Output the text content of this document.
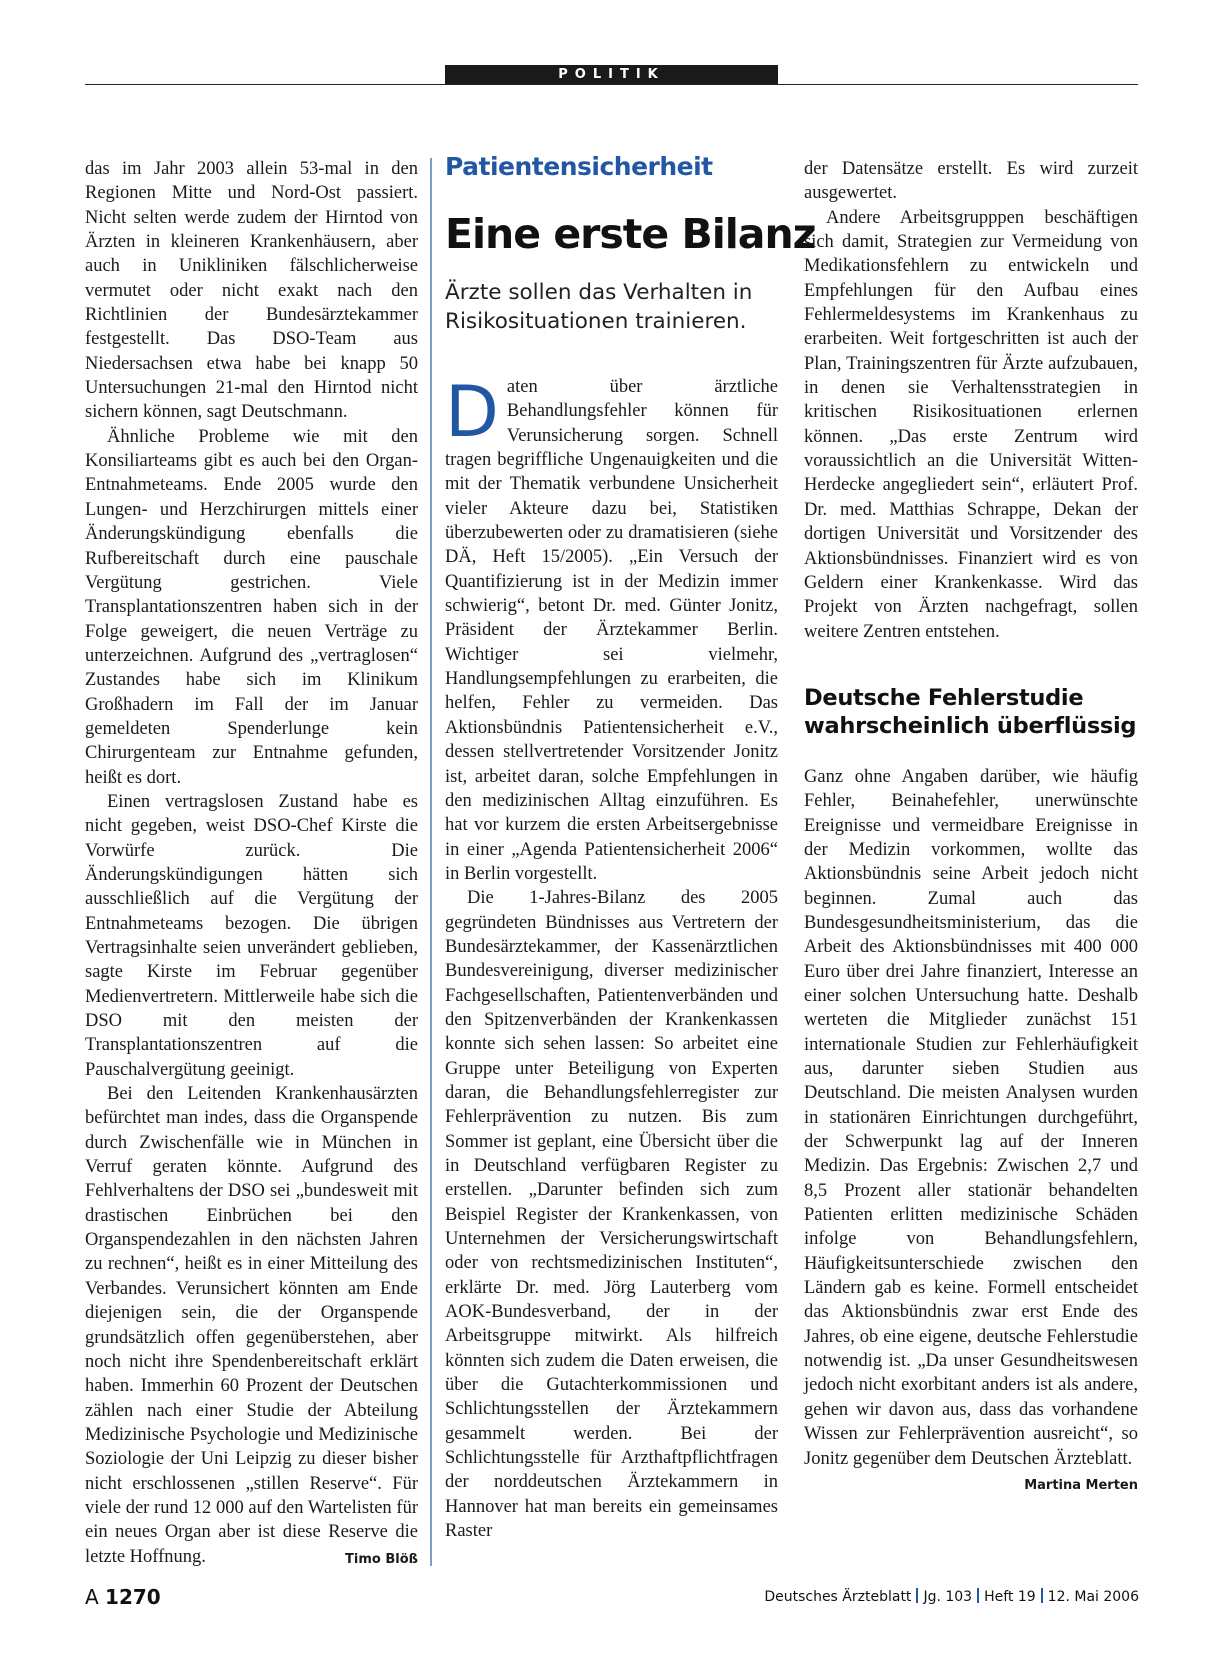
POLITIK

das im Jahr 2003 allein 53-mal in den Regionen Mitte und Nord-Ost passiert. Nicht selten werde zudem der Hirntod von Ärzten in kleineren Krankenhäusern, aber auch in Unikliniken fälschlicherweise vermutet oder nicht exakt nach den Richtlinien der Bundesärztekammer festgestellt. Das DSO-Team aus Niedersachsen etwa habe bei knapp 50 Untersuchungen 21-mal den Hirntod nicht sichern können, sagt Deutschmann.

Ähnliche Probleme wie mit den Konsiliarteams gibt es auch bei den Organ-Entnahmeteams. Ende 2005 wurde den Lungen- und Herzchirurgen mittels einer Änderungskündigung ebenfalls die Rufbereitschaft durch eine pauschale Vergütung gestrichen. Viele Transplantationszentren haben sich in der Folge geweigert, die neuen Verträge zu unterzeichnen. Aufgrund des „vertraglosen“ Zustandes habe sich im Klinikum Großhadern im Fall der im Januar gemeldeten Spenderlunge kein Chirurgenteam zur Entnahme gefunden, heißt es dort.

Einen vertragslosen Zustand habe es nicht gegeben, weist DSO-Chef Kirste die Vorwürfe zurück. Die Änderungskündigungen hätten sich ausschließlich auf die Vergütung der Entnahmeteams bezogen. Die übrigen Vertragsinhalte seien unverändert geblieben, sagte Kirste im Februar gegenüber Medienvertretern. Mittlerweile habe sich die DSO mit den meisten der Transplantationszentren auf die Pauschalvergütung geeinigt.

Bei den Leitenden Krankenhausärzten befürchtet man indes, dass die Organspende durch Zwischenfälle wie in München in Verruf geraten könnte. Aufgrund des Fehlverhaltens der DSO sei „bundesweit mit drastischen Einbrüchen bei den Organspendezahlen in den nächsten Jahren zu rechnen“, heißt es in einer Mitteilung des Verbandes. Verunsichert könnten am Ende diejenigen sein, die der Organspende grundsätzlich offen gegenüberstehen, aber noch nicht ihre Spendenbereitschaft erklärt haben. Immerhin 60 Prozent der Deutschen zählen nach einer Studie der Abteilung Medizinische Psychologie und Medizinische Soziologie der Uni Leipzig zu dieser bisher nicht erschlossenen „stillen Reserve“. Für viele der rund 12 000 auf den Wartelisten für ein neues Organ aber ist diese Reserve die letzte Hoffnung.	Timo Blöß

Patientensicherheit
Eine erste Bilanz
Ärzte sollen das Verhalten in Risikosituationen trainieren.

Daten über ärztliche Behandlungsfehler können für Verunsicherung sorgen. Schnell tragen begriffliche Ungenauigkeiten und die mit der Thematik verbundene Unsicherheit vieler Akteure dazu bei, Statistiken überzubewerten oder zu dramatisieren (siehe DÄ, Heft 15/2005). „Ein Versuch der Quantifizierung ist in der Medizin immer schwierig“, betont Dr. med. Günter Jonitz, Präsident der Ärztekammer Berlin. Wichtiger sei vielmehr, Handlungsempfehlungen zu erarbeiten, die helfen, Fehler zu vermeiden. Das Aktionsbündnis Patientensicherheit e.V., dessen stellvertretender Vorsitzender Jonitz ist, arbeitet daran, solche Empfehlungen in den medizinischen Alltag einzuführen. Es hat vor kurzem die ersten Arbeitsergebnisse in einer „Agenda Patientensicherheit 2006“ in Berlin vorgestellt.

Die 1-Jahres-Bilanz des 2005 gegründeten Bündnisses aus Vertretern der Bundesärztekammer, der Kassenärztlichen Bundesvereinigung, diverser medizinischer Fachgesellschaften, Patientenverbänden und den Spitzenverbänden der Krankenkassen konnte sich sehen lassen: So arbeitet eine Gruppe unter Beteiligung von Experten daran, die Behandlungsfehlerregister zur Fehlerprävention zu nutzen. Bis zum Sommer ist geplant, eine Übersicht über die in Deutschland verfügbaren Register zu erstellen. „Darunter befinden sich zum Beispiel Register der Krankenkassen, von Unternehmen der Versicherungswirtschaft oder von rechtsmedizinischen Instituten“, erklärte Dr. med. Jörg Lauterberg vom AOK-Bundesverband, der in der Arbeitsgruppe mitwirkt. Als hilfreich könnten sich zudem die Daten erweisen, die über die Gutachterkommissionen und Schlichtungsstellen der Ärztekammern gesammelt werden. Bei der Schlichtungsstelle für Arzthaftpflichtfragen der norddeutschen Ärztekammern in Hannover hat man bereits ein gemeinsames Raster

der Datensätze erstellt. Es wird zurzeit ausgewertet.

Andere Arbeitsgrupppen beschäftigen sich damit, Strategien zur Vermeidung von Medikationsfehlern zu entwickeln und Empfehlungen für den Aufbau eines Fehlermeldesystems im Krankenhaus zu erarbeiten. Weit fortgeschritten ist auch der Plan, Trainingszentren für Ärzte aufzubauen, in denen sie Verhaltensstrategien in kritischen Risikosituationen erlernen können. „Das erste Zentrum wird voraussichtlich an die Universität Witten-Herdecke angegliedert sein“, erläutert Prof. Dr. med. Matthias Schrappe, Dekan der dortigen Universität und Vorsitzender des Aktionsbündnisses. Finanziert wird es von Geldern einer Krankenkasse. Wird das Projekt von Ärzten nachgefragt, sollen weitere Zentren entstehen.

Deutsche Fehlerstudie wahrscheinlich überflüssig

Ganz ohne Angaben darüber, wie häufig Fehler, Beinahefehler, unerwünschte Ereignisse und vermeidbare Ereignisse in der Medizin vorkommen, wollte das Aktionsbündnis seine Arbeit jedoch nicht beginnen. Zumal auch das Bundesgesundheitsministerium, das die Arbeit des Aktionsbündnisses mit 400 000 Euro über drei Jahre finanziert, Interesse an einer solchen Untersuchung hatte. Deshalb werteten die Mitglieder zunächst 151 internationale Studien zur Fehlerhäufigkeit aus, darunter sieben Studien aus Deutschland. Die meisten Analysen wurden in stationären Einrichtungen durchgeführt, der Schwerpunkt lag auf der Inneren Medizin. Das Ergebnis: Zwischen 2,7 und 8,5 Prozent aller stationär behandelten Patienten erlitten medizinische Schäden infolge von Behandlungsfehlern, Häufigkeitsunterschiede zwischen den Ländern gab es keine. Formell entscheidet das Aktionsbündnis zwar erst Ende des Jahres, ob eine eigene, deutsche Fehlerstudie notwendig ist. „Da unser Gesundheitswesen jedoch nicht exorbitant anders ist als andere, gehen wir davon aus, dass das vorhandene Wissen zur Fehlerprävention ausreicht“, so Jonitz gegenüber dem Deutschen Ärzteblatt.
Martina Merten

A 1270	Deutsches Ärzteblatt Jg. 103 Heft 19 12. Mai 2006
